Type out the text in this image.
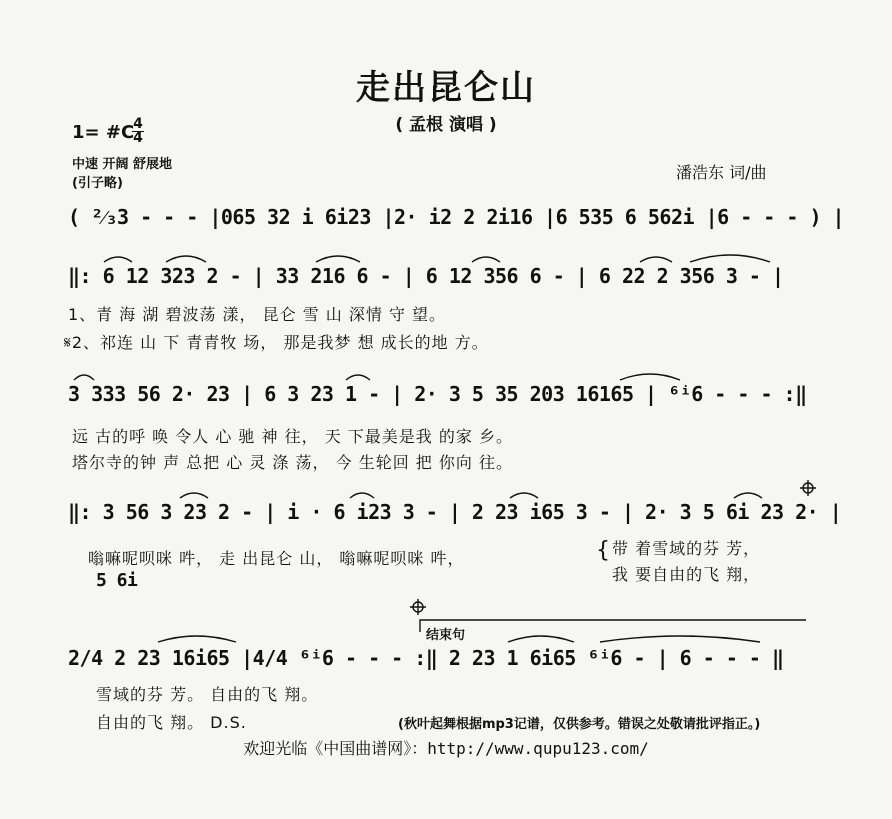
走出昆仑山
( 孟根 演唱 )
1= #C
4
4
中速 开阔 舒展地
(引子略)
潘浩东 词/曲
( ²⁄₃3 - - - |065 32 i 6i23 |2· i2 2 2i16 |6 535 6 562i |6 - - - ) |
‖: 6 12 323 2 - | 33 216 6 - | 6 12 356 6 - | 6 22 2 356 3 - |
1、青 海 湖 碧波荡 漾， 昆仑 雪 山 深情 守 望。
𝄋2、祁连 山 下 青青牧 场， 那是我梦 想 成长的地 方。
3 333 56 2· 23 | 6 3 23 1 - | 2· 3 5 35 203 16165 | ⁶ⁱ6 - - - :‖
远 古的呼 唤 令人 心 驰 神 往， 天 下最美是我 的家 乡。
塔尔寺的钟 声 总把 心 灵 涤 荡， 今 生轮回 把 你向 往。
‖: 3 56 3 23 2 - | i · 6 i23 3 - | 2 23 i65 3 - | 2· 3 5 6i 23 2· |
嗡嘛呢呗咪 吽， 走 出昆仑 山， 嗡嘛呢呗咪 吽，
5 6i
{ 带 着雪域的芬 芳，
我 要自由的飞 翔，
结束句
2/4 2 23 16i65 |4/4 ⁶ⁱ6 - - - :‖ 2 23 1 6i65 ⁶ⁱ6 - | 6 - - - ‖
雪域的芬 芳。 自由的飞 翔。
自由的飞 翔。 D.S.	(秋叶起舞根据mp3记谱，仅供参考。错误之处敬请批评指正。)
欢迎光临《中国曲谱网》：http://www.qupu123.com/
